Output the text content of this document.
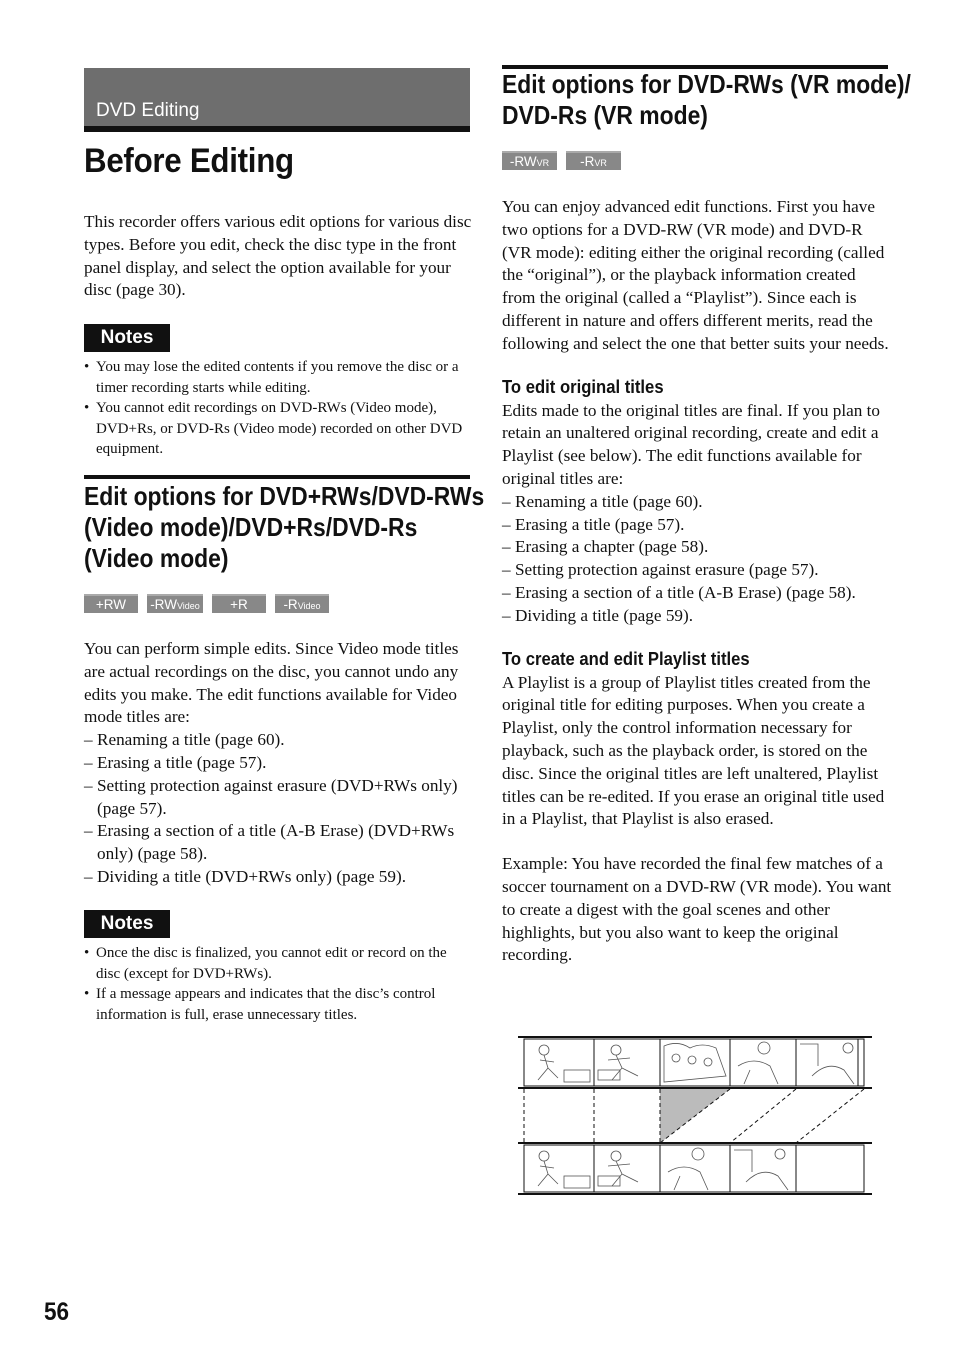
DVD Editing
Before Editing

This recorder offers various edit options for various disc types. Before you edit, check the disc type in the front panel display, and select the option available for your disc (page 30).

Notes
• You may lose the edited contents if you remove the disc or a timer recording starts while editing.
• You cannot edit recordings on DVD-RWs (Video mode), DVD+Rs, or DVD-Rs (Video mode) recorded on other DVD equipment.
Edit options for DVD+RWs/DVD-RWs
(Video mode)/DVD+Rs/DVD-Rs
(Video mode)
+RW	-RWVideo	+R	-RVideo

You can perform simple edits. Since Video mode titles are actual recordings on the disc, you cannot undo any edits you make. The edit functions available for Video mode titles are:

– Renaming a title (page 60).
– Erasing a title (page 57).
– Setting protection against erasure (DVD+RWs only) (page 57).
– Erasing a section of a title (A-B Erase) (DVD+RWs only) (page 58).
– Dividing a title (DVD+RWs only) (page 59).
Notes
• Once the disc is finalized, you cannot edit or record on the disc (except for DVD+RWs).
• If a message appears and indicates that the disc’s control information is full, erase unnecessary titles.
Edit options for DVD-RWs (VR mode)/
DVD-Rs (VR mode)
-RWVR	-RVR

You can enjoy advanced edit functions. First you have two options for a DVD-RW (VR mode) and DVD-R (VR mode): editing either the original recording (called the “original”), or the playback information created from the original (called a “Playlist”). Since each is different in nature and offers different merits, read the following and select the one that better suits your needs.

To edit original titles

Edits made to the original titles are final. If you plan to retain an unaltered original recording, create and edit a Playlist (see below). The edit functions available for original titles are:

– Renaming a title (page 60).
– Erasing a title (page 57).
– Erasing a chapter (page 58).
– Setting protection against erasure (page 57).
– Erasing a section of a title (A-B Erase) (page 58).
– Dividing a title (page 59).
To create and edit Playlist titles

A Playlist is a group of Playlist titles created from the original title for editing purposes. When you create a Playlist, only the control information necessary for playback, such as the playback order, is stored on the disc. Since the original titles are left unaltered, Playlist titles can be re-edited. If you erase an original title used in a Playlist, that Playlist is also erased.

Example: You have recorded the final few matches of a soccer tournament on a DVD-RW (VR mode). You want to create a digest with the goal scenes and other highlights, but you also want to keep the original recording.

56
